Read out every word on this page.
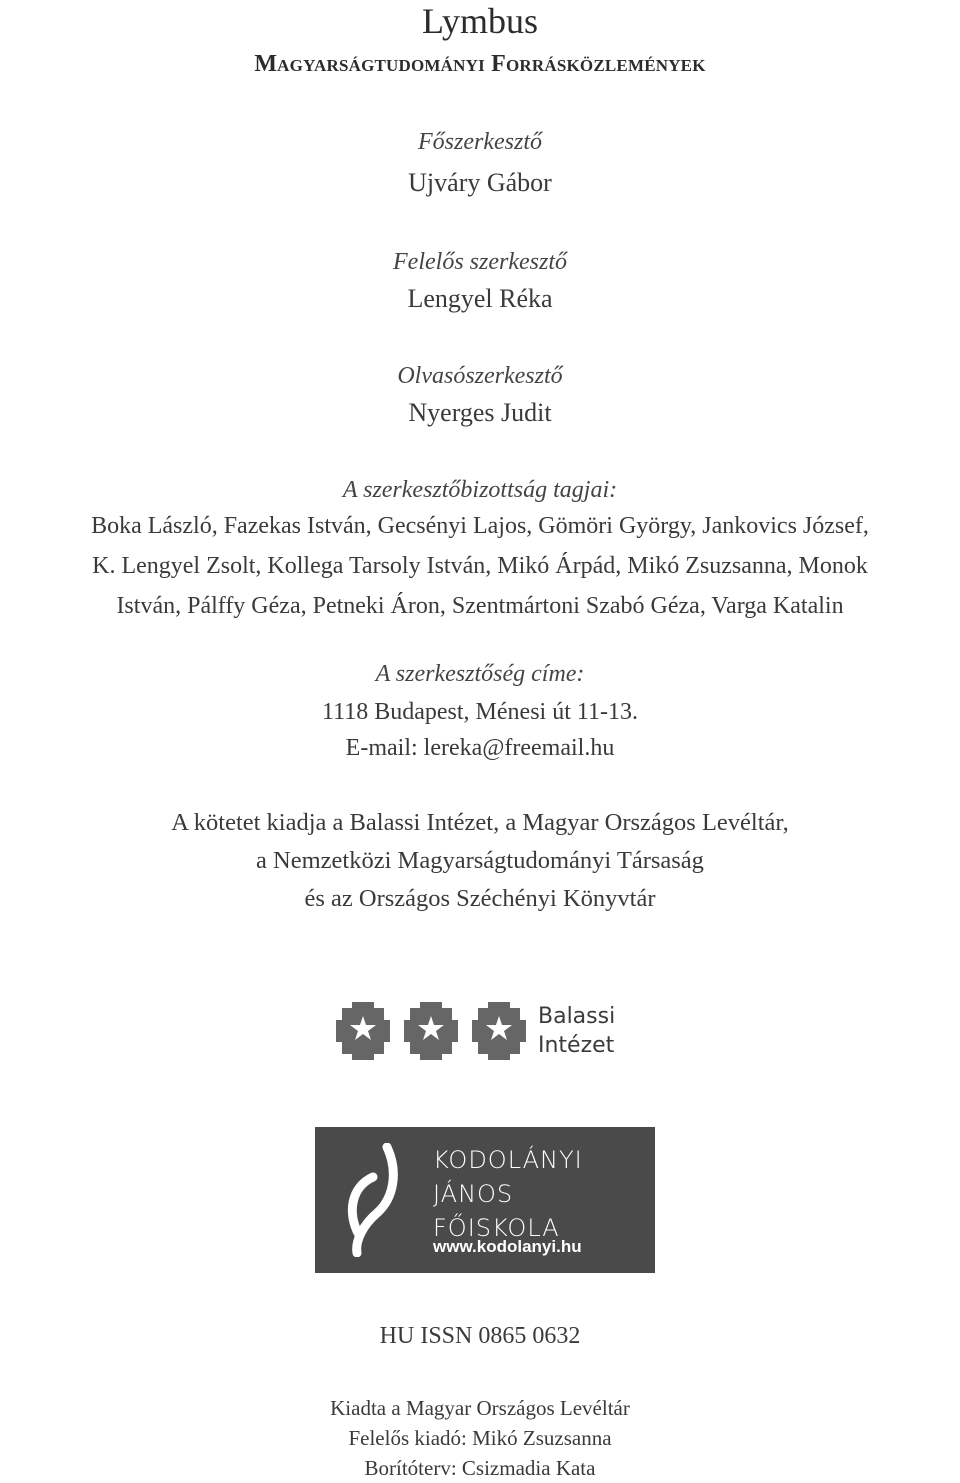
Lymbus
Magyarságtudományi Forrásközlemények
Főszerkesztő
Ujváry Gábor
Felelős szerkesztő
Lengyel Réka
Olvasószerkesztő
Nyerges Judit
A szerkesztőbizottság tagjai:
Boka László, Fazekas István, Gecsényi Lajos, Gömöri György, Jankovics József,
K. Lengyel Zsolt, Kollega Tarsoly István, Mikó Árpád, Mikó Zsuzsanna, Monok
István, Pálffy Géza, Petneki Áron, Szentmártoni Szabó Géza, Varga Katalin
A szerkesztőség címe:
1118 Budapest, Ménesi út 11-13.
E-mail: lereka@freemail.hu
A kötetet kiadja a Balassi Intézet, a Magyar Országos Levéltár,
a Nemzetközi Magyarságtudományi Társaság
és az Országos Széchényi Könyvtár
Balassi
Intézet
KODOLÁNYI
JÁNOS
FŐISKOLA
www.kodolanyi.hu
HU ISSN 0865 0632
Kiadta a Magyar Országos Levéltár
Felelős kiadó: Mikó Zsuzsanna
Borítóterv: Csizmadia Kata
